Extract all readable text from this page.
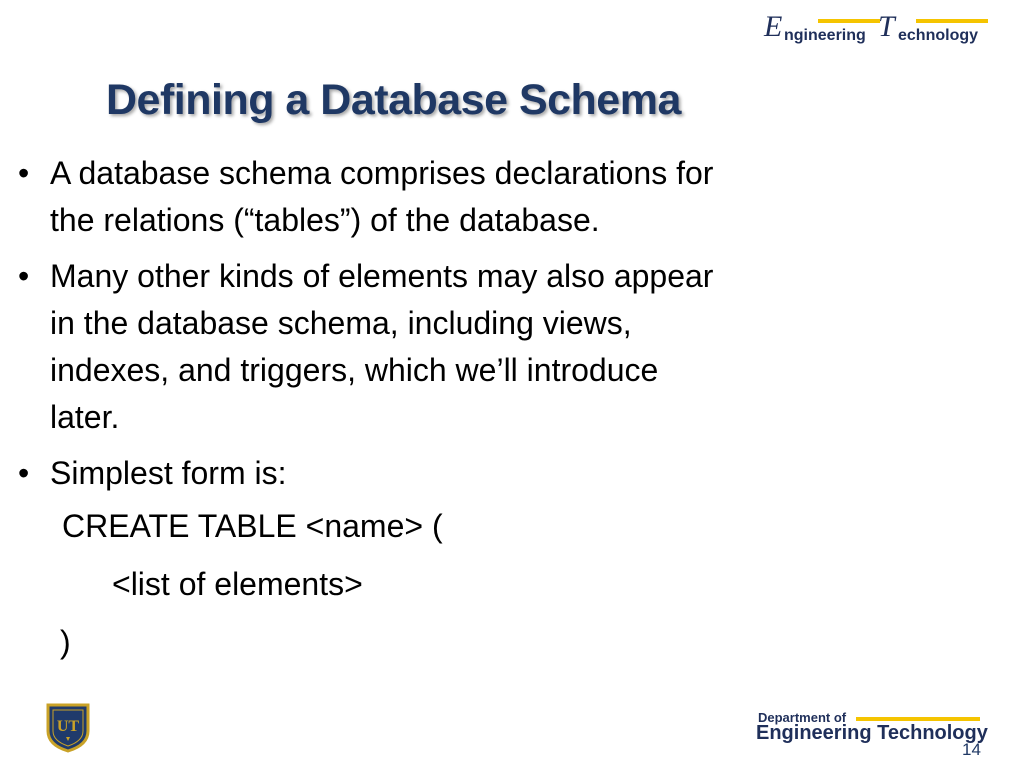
E ngineering T echnology
Defining a Database Schema
• A database schema comprises declarations for
the relations (“tables”) of the database.
• Many other kinds of elements may also appear
in the database schema, including views,
indexes, and triggers, which we’ll introduce
later.
• Simplest form is:
CREATE TABLE <name> (
<list of elements>
)
UT
Department of
Engineering Technology
14
